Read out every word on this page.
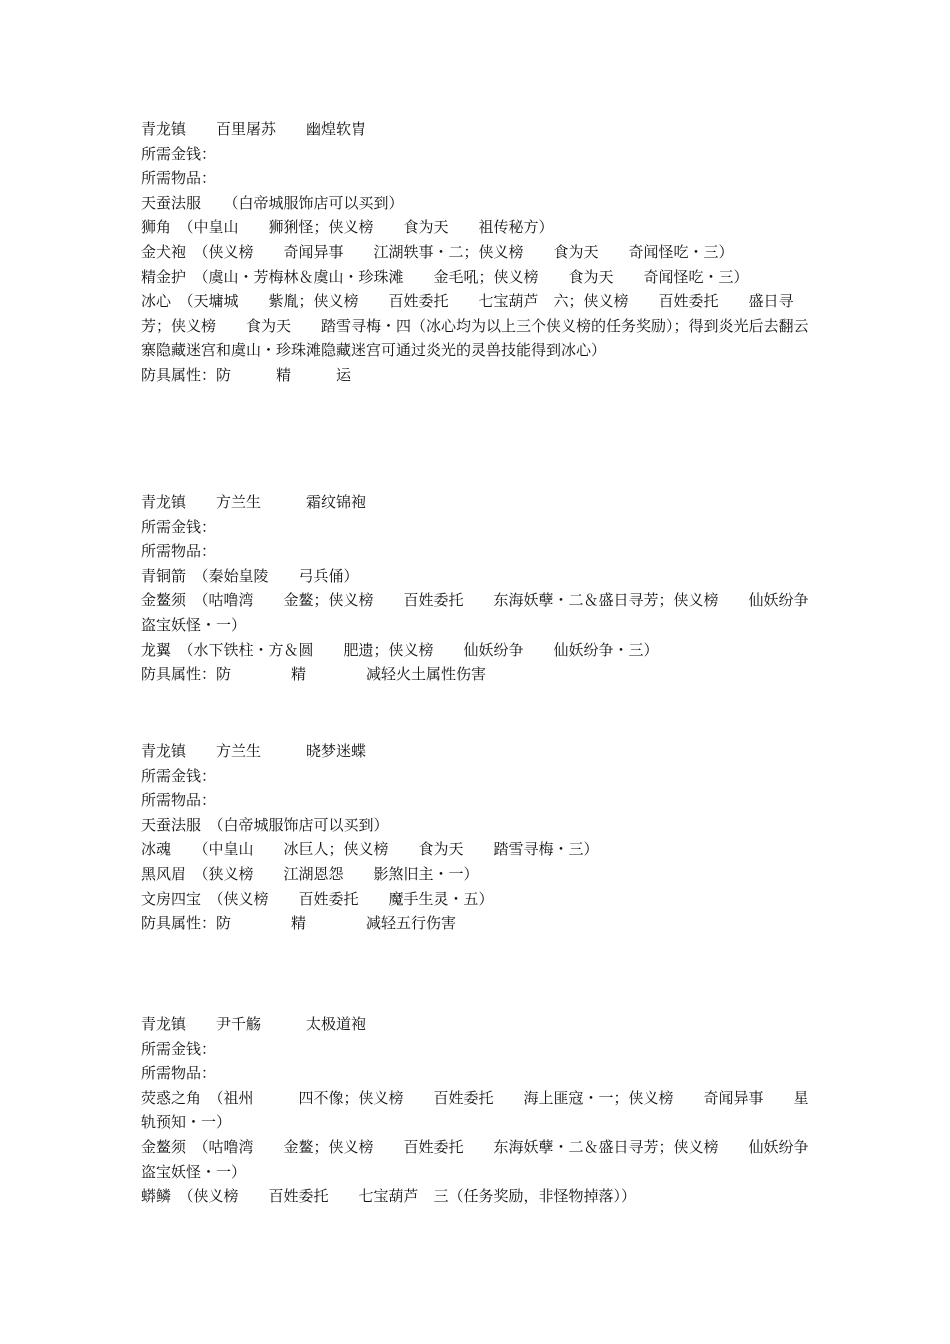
青龙镇　　百里屠苏　　幽煌软胄

所需金钱：

所需物品：

天蚕法服　　（白帝城服饰店可以买到）

狮角　（中皇山　　狮猁怪；侠义榜　　食为天　　祖传秘方）

金犬袍　（侠义榜　　奇闻异事　　江湖轶事・二；侠义榜　　食为天　　奇闻怪吃・三）

精金护　（虞山・芳梅林＆虞山・珍珠滩　　金毛吼；侠义榜　　食为天　　奇闻怪吃・三）

冰心　（天墉城　　紫胤；侠义榜　　百姓委托　　七宝葫芦　六；侠义榜　　百姓委托　　盛日寻芳；侠义榜　　食为天　　踏雪寻梅・四（冰心均为以上三个侠义榜的任务奖励）；得到炎光后去翻云寨隐藏迷宫和虞山・珍珠滩隐藏迷宫可通过炎光的灵兽技能得到冰心）

防具属性：防　　　精　　　运

青龙镇　　方兰生　　　霜纹锦袍

所需金钱：

所需物品：

青铜箭　（秦始皇陵　　弓兵俑）

金鳌须　（咕噜湾　　金鳌；侠义榜　　百姓委托　　东海妖孽・二＆盛日寻芳；侠义榜　　仙妖纷争　　盗宝妖怪・一）

龙翼　（水下铁柱・方＆圆　　肥遗；侠义榜　　仙妖纷争　　仙妖纷争・三）

防具属性：防　　　　精　　　　减轻火土属性伤害

青龙镇　　方兰生　　　晓梦迷蝶

所需金钱：

所需物品：

天蚕法服　（白帝城服饰店可以买到）

冰魂　　（中皇山　　冰巨人；侠义榜　　食为天　　踏雪寻梅・三）

黑风眉　（狭义榜　　江湖恩怨　　影煞旧主・一）

文房四宝　（侠义榜　　百姓委托　　魔手生灵・五）

防具属性：防　　　　精　　　　减轻五行伤害

青龙镇　　尹千觞　　　太极道袍

所需金钱：

所需物品：

荧惑之角　（祖州　　　四不像；侠义榜　　百姓委托　　海上匪寇・一；侠义榜　　奇闻异事　　星轨预知・一）

金鳌须　（咕噜湾　　金鳌；侠义榜　　百姓委托　　东海妖孽・二＆盛日寻芳；侠义榜　　仙妖纷争　　盗宝妖怪・一）

蟒鳞　（侠义榜　　百姓委托　　七宝葫芦　三（任务奖励，非怪物掉落））
